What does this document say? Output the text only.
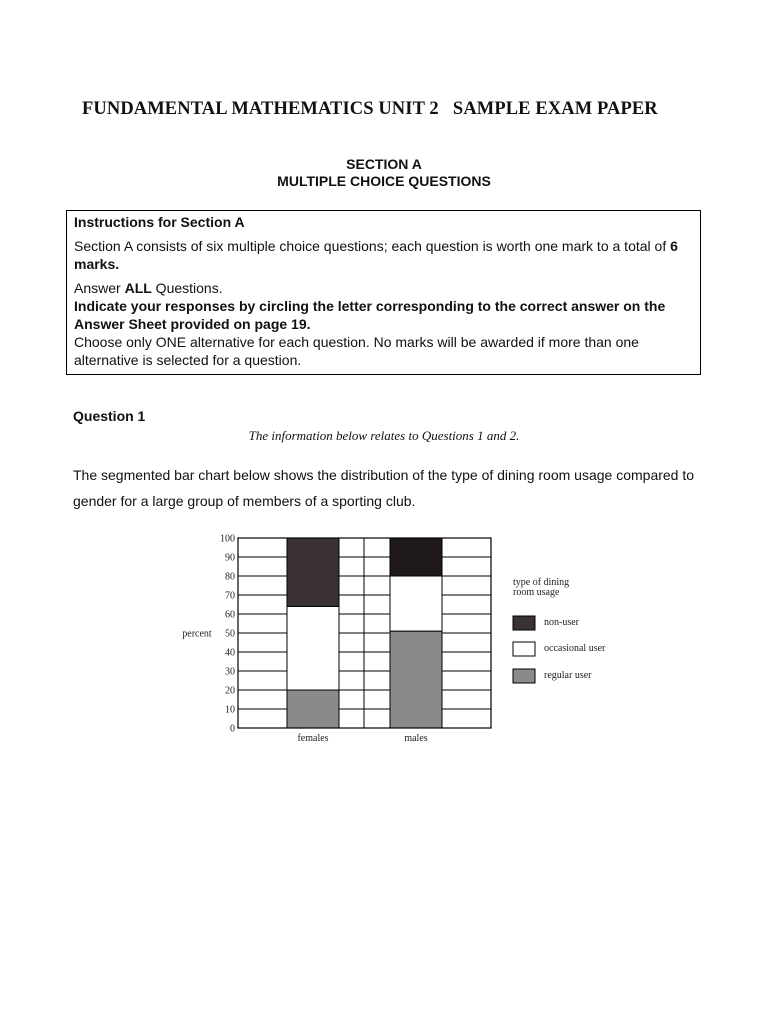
FUNDAMENTAL MATHEMATICS UNIT 2   SAMPLE EXAM PAPER
SECTION A
MULTIPLE CHOICE QUESTIONS

Instructions for Section A

Section A consists of six multiple choice questions; each question is worth one mark to a total of 6 marks.

Answer ALL Questions.

Indicate your responses by circling the letter corresponding to the correct answer on the Answer Sheet provided on page 19.

Choose only ONE alternative for each question. No marks will be awarded if more than one alternative is selected for a question.

Question 1
The information below relates to Questions 1 and 2.

The segmented bar chart below shows the distribution of the type of dining room usage compared to gender for a large group of members of a sporting club.

0
10
20
30
40
50
60
70
80
90
100
females	males
percent
type of dining
room usage
non-user
occasional user
regular user
